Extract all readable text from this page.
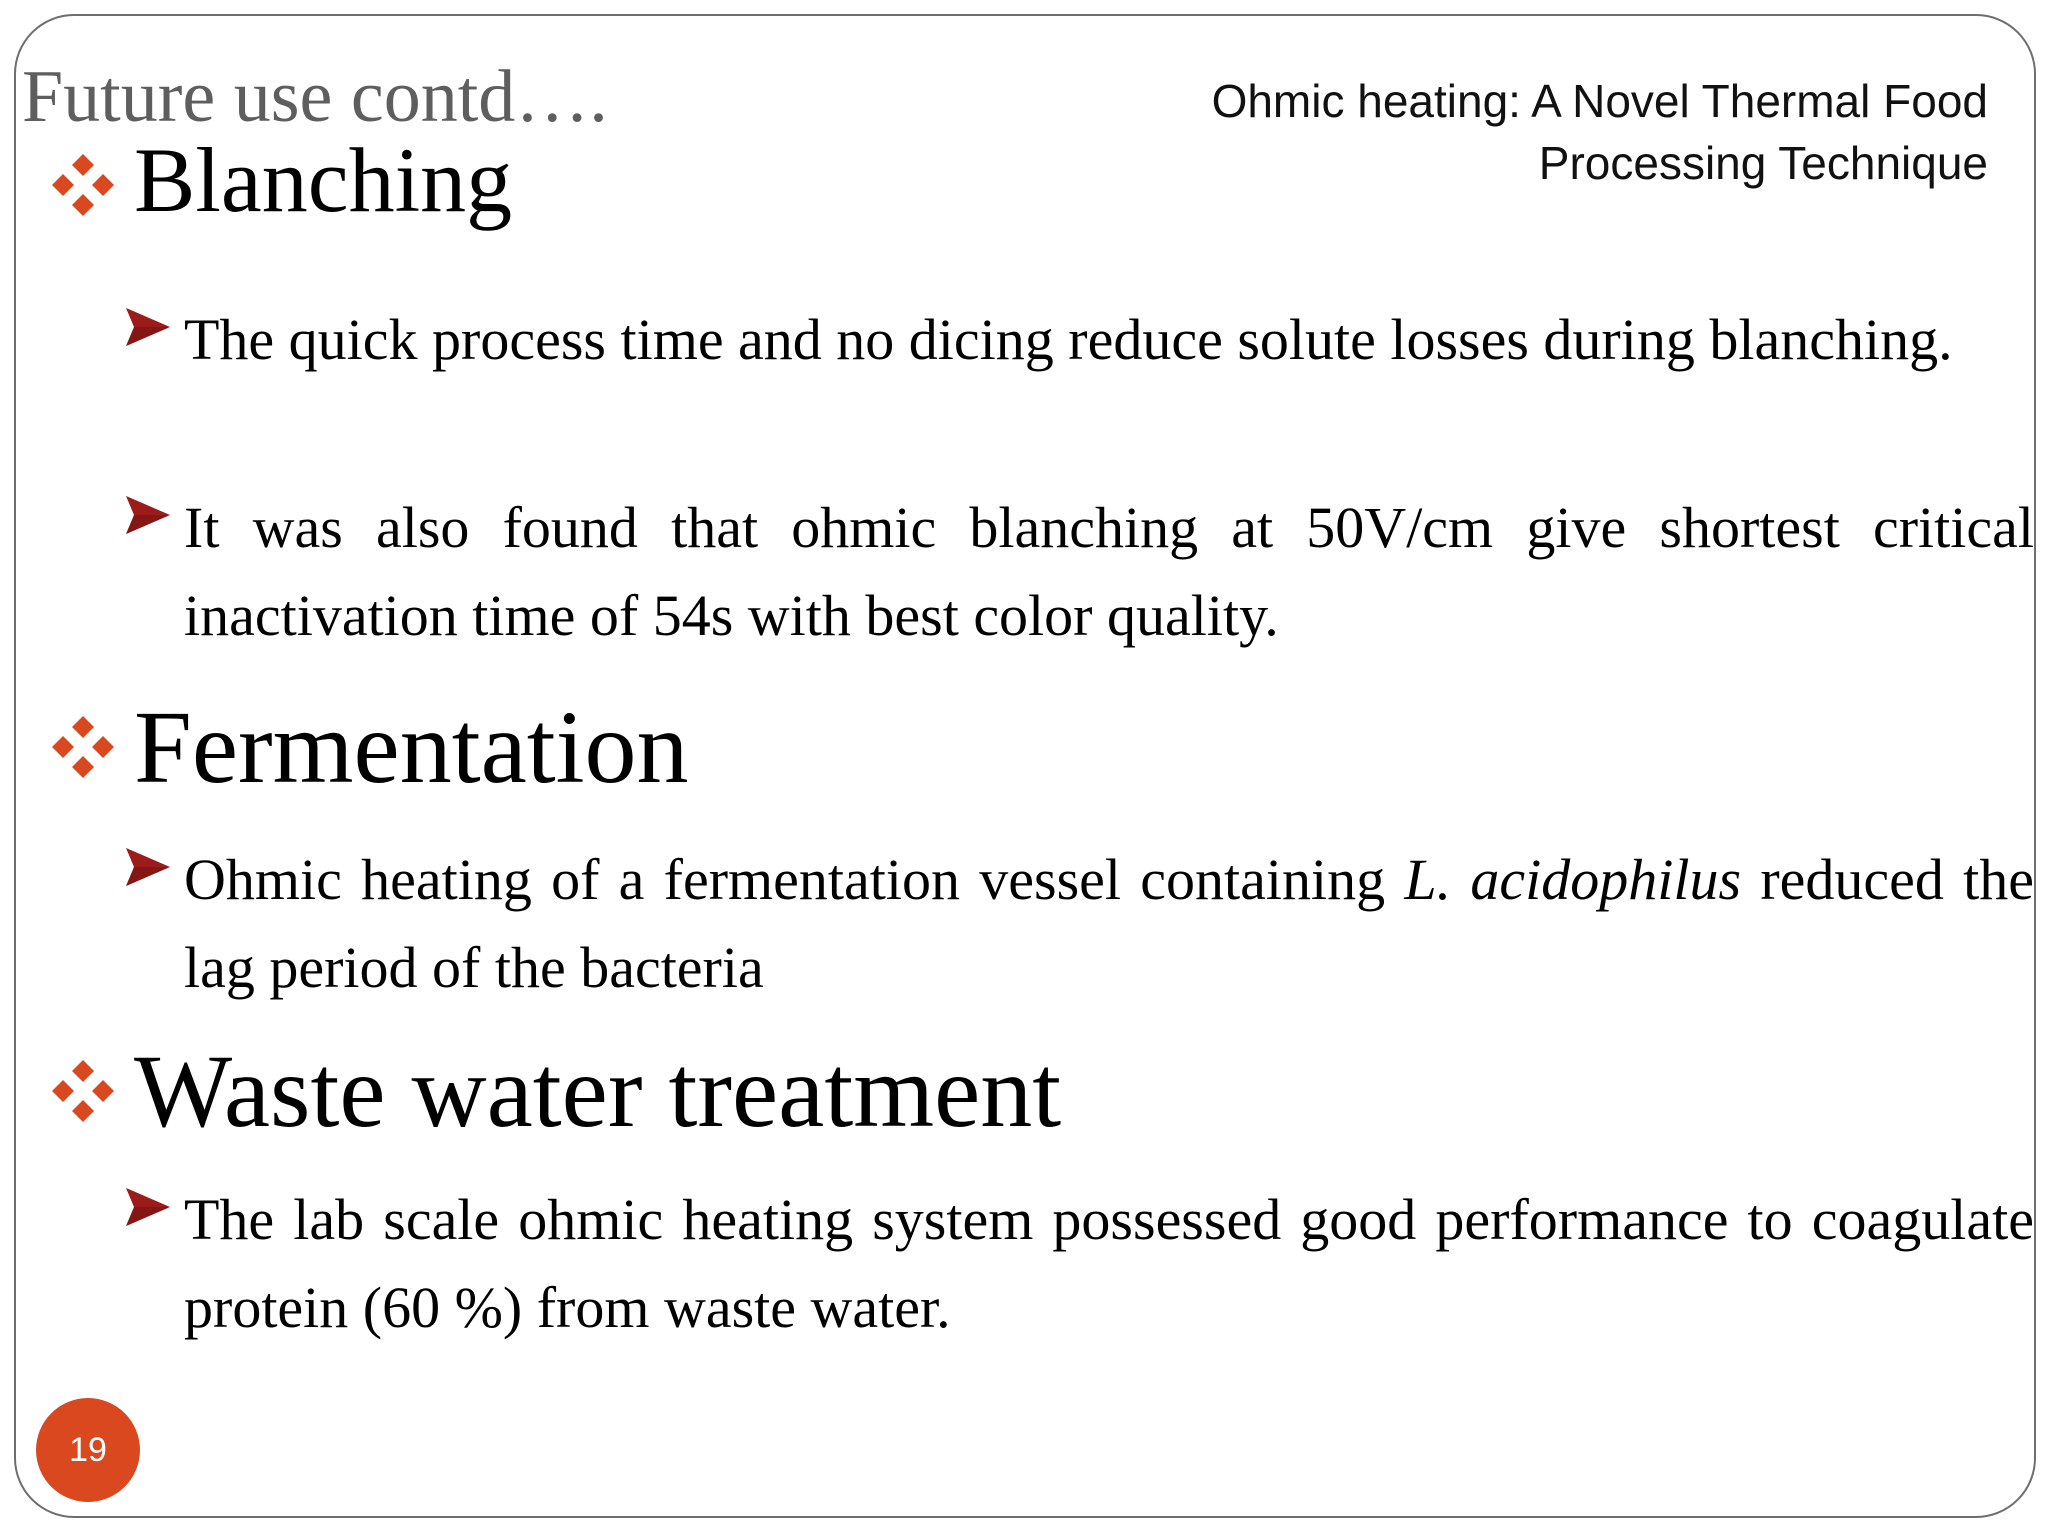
Future use contd….	Ohmic heating: A Novel Thermal Food
Processing Technique
Blanching
The quick process time and no dicing reduce solute losses during blanching.
It was also found that ohmic blanching at 50V/cm give shortest critical inactivation time of 54s with best color quality.
Fermentation
Ohmic heating of a fermentation vessel containing L. acidophilus reduced the lag period of the bacteria
Waste water treatment
The lab scale ohmic heating system possessed good performance to coagulate protein (60 %) from waste water.
19
